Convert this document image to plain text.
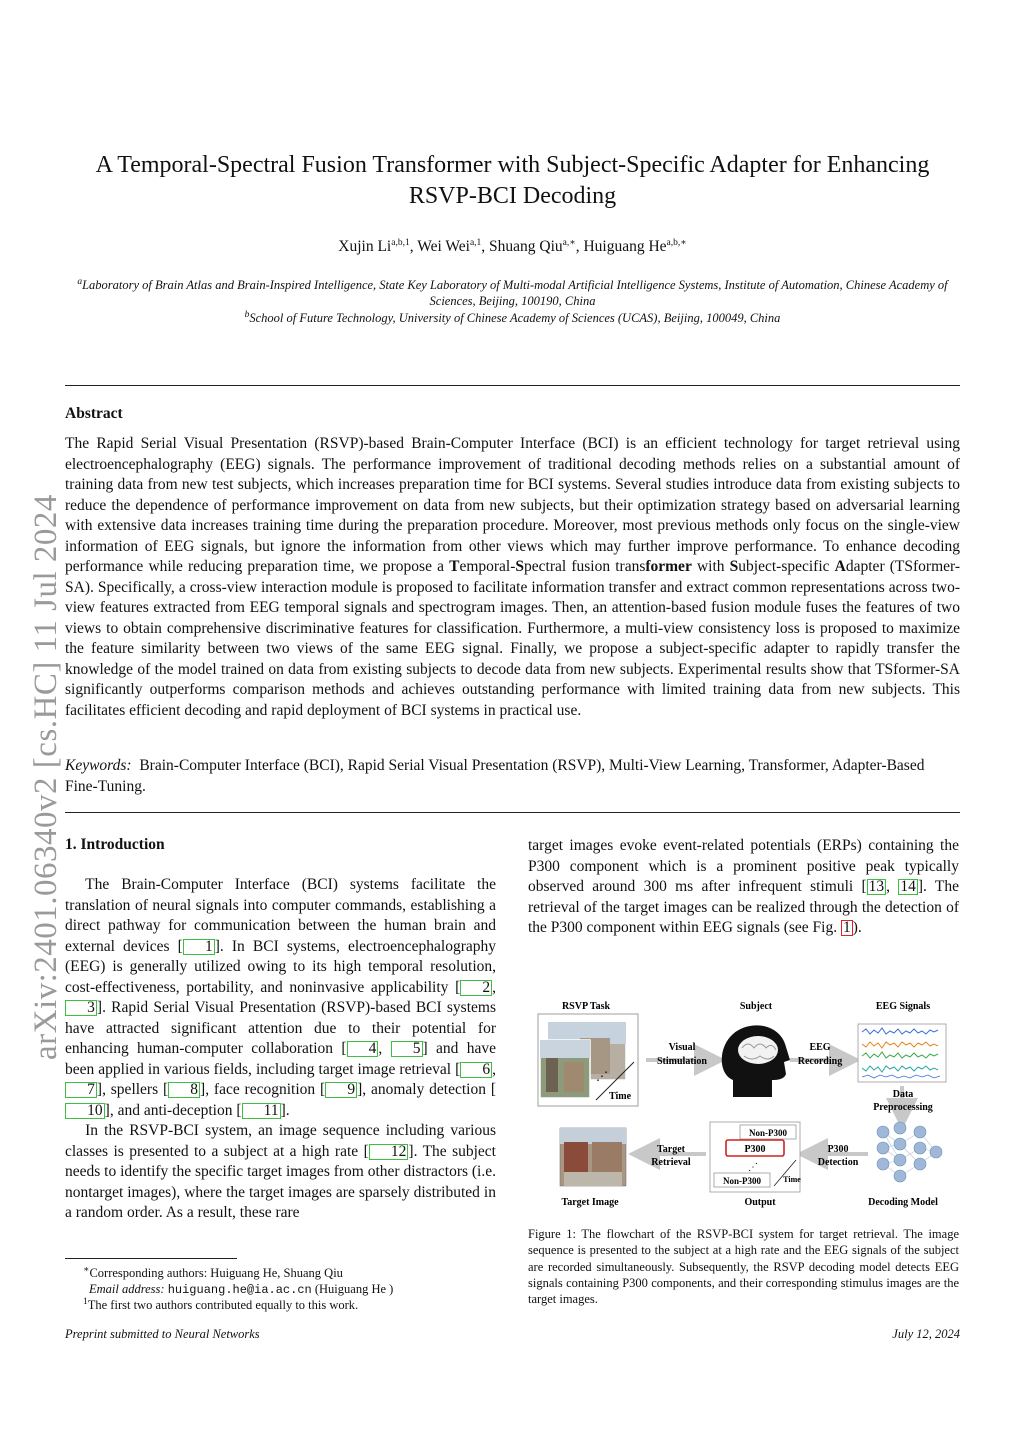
arXiv:2401.06340v2 [cs.HC] 11 Jul 2024
A Temporal-Spectral Fusion Transformer with Subject-Specific Adapter for Enhancing
RSVP-BCI Decoding
Xujin Li$^{a,b,1}$, Wei Wei$^{a,1}$, Shuang Qiu$^{a,∗}$, Huiguang $He^{a,b,∗}$
$^a$Laboratory of Brain Atlas and Brain-Inspired Intelligence, State Key Laboratory of Multi-modal Artificial Intelligence Systems, Institute of Automation, Chinese Academy of Sciences, Beijing, 100190, China
$^b$School of Future Technology, University of Chinese Academy of Sciences (UCAS), Beijing, 100049, China
Abstract
The Rapid Serial Visual Presentation (RSVP)-based Brain-Computer Interface (BCI) is an efficient technology for target retrieval using electroencephalography (EEG) signals. The performance improvement of traditional decoding methods relies on a substantial amount of training data from new test subjects, which increases preparation time for BCI systems. Several studies introduce data from existing subjects to reduce the dependence of performance improvement on data from new subjects, but their optimization strategy based on adversarial learning with extensive data increases training time during the preparation procedure. Moreover, most previous methods only focus on the single-view information of EEG signals, but ignore the information from other views which may further improve performance. To enhance decoding performance while reducing preparation time, we propose a Temporal-Spectral fusion transformer with Subject-specific Adapter (TSformer-SA). Specifically, a cross-view interaction module is proposed to facilitate information transfer and extract common representations across two-view features extracted from EEG temporal signals and spectrogram images. Then, an attention-based fusion module fuses the features of two views to obtain comprehensive discriminative features for classification. Furthermore, a multi-view consistency loss is proposed to maximize the feature similarity between two views of the same EEG signal. Finally, we propose a subject-specific adapter to rapidly transfer the knowledge of the model trained on data from existing subjects to decode data from new subjects. Experimental results show that TSformer-SA significantly outperforms comparison methods and achieves outstanding performance with limited training data from new subjects. This facilitates efficient decoding and rapid deployment of BCI systems in practical use.
Keywords: Brain-Computer Interface (BCI), Rapid Serial Visual Presentation (RSVP), Multi-View Learning, Transformer, Adapter-Based Fine-Tuning.
1. Introduction

The Brain-Computer Interface (BCI) systems facilitate the translation of neural signals into computer commands, establishing a direct pathway for communication between the human brain and external devices [ 1 ]. In BCI systems, electroencephalography (EEG) is generally utilized owing to its high temporal resolution, cost-effectiveness, portability, and noninvasive applicability [ 2 , 3 ]. Rapid Serial Visual Presentation (RSVP)-based BCI systems have attracted significant attention due to their potential for enhancing human-computer collaboration [ 4 , 5 ] and have been applied in various fields, including target image retrieval [ 6 , 7 ], spellers [ 8 ], face recognition [ 9 ], anomaly detection [10 ], and anti-deception [ 11 ].

In the RSVP-BCI system, an image sequence including various classes is presented to a subject at a high rate [ 12 ]. The subject needs to identify the specific target images from other distractors (i.e. nontarget images), where the target images are sparsely distributed in a random order. As a result, these rare

target images evoke event-related potentials (ERPs) containing the P300 component which is a prominent positive peak typically observed around 300 ms after infrequent stimuli [ 13 , 14 ]. The retrieval of the target images can be realized through the detection of the P300 component within EEG signals (see Fig. 1 ).

RSVP Task	Subject	EEG Signals
⋰
Time
Visual
Stimulation
EEG
Recording
Data
Preprocessing
P300
Detection
⋰
Non-P300
P300
Non-P300	Time
Target
Retrieval
Target Image	Output	Decoding Model
Figure 1: The flowchart of the RSVP-BCI system for target retrieval. The image sequence is presented to the subject at a high rate and the EEG signals of the subject are recorded simultaneously. Subsequently, the RSVP decoding model detects EEG signals containing P300 components, and their corresponding stimulus images are the target images.
∗Corresponding authors: Huiguang He, Shuang Qiu
Email address: huiguang.he@ia.ac.cn (Huiguang He )
$^1$The first two authors contributed equally to this work.
Preprint submitted to Neural Networks	July 12, 2024
